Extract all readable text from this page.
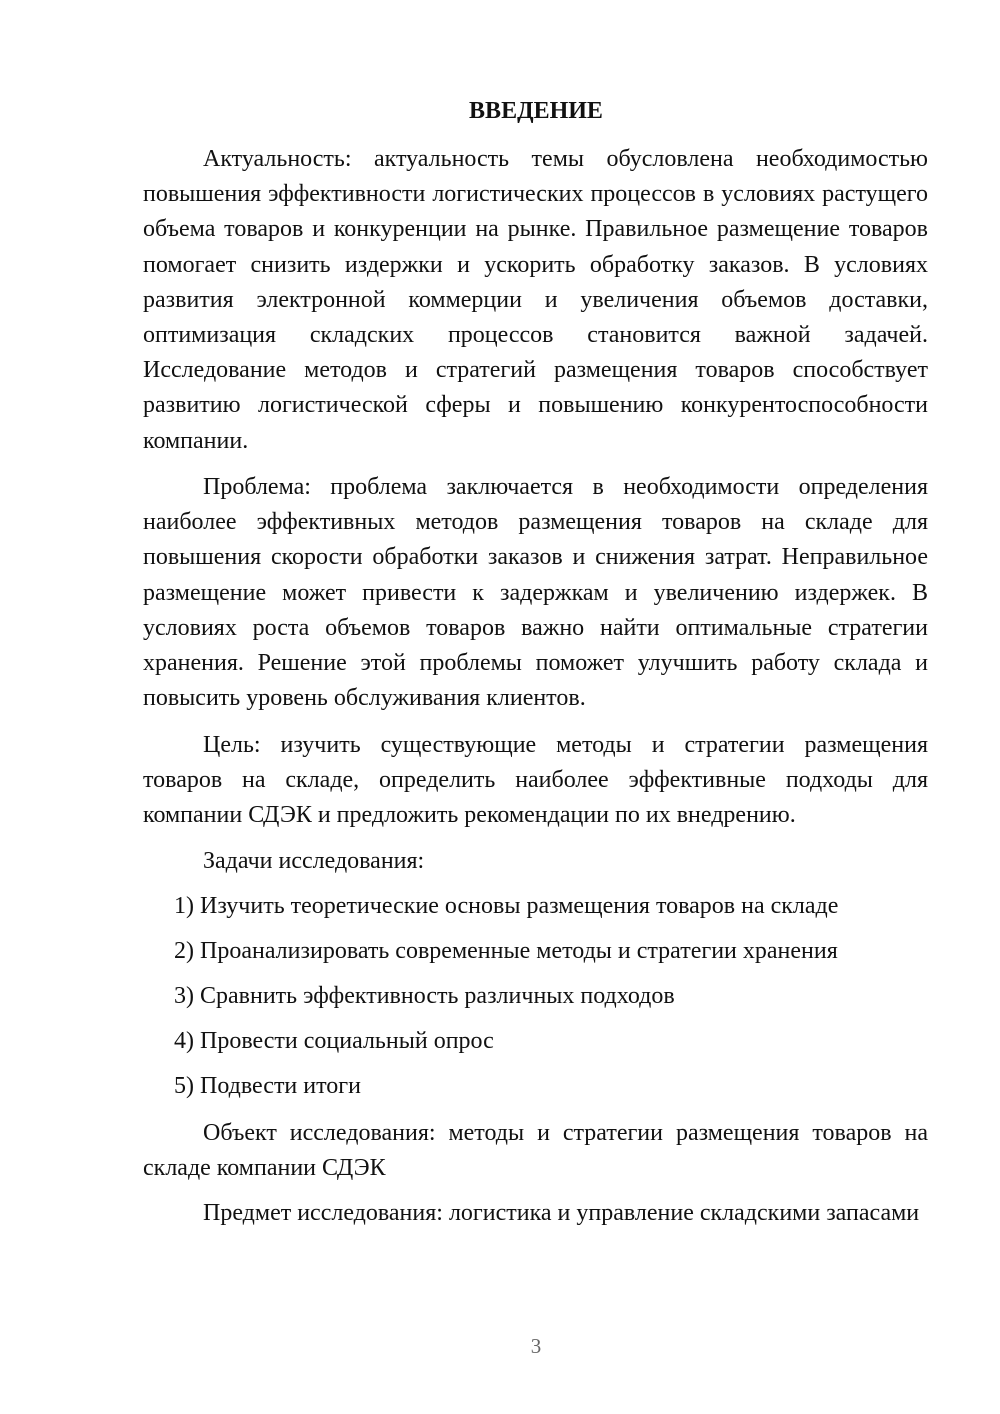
ВВЕДЕНИЕ

Актуальность: актуальность темы обусловлена необходимостью повышения эффективности логистических процессов в условиях растущего объема товаров и конкуренции на рынке. Правильное размещение товаров помогает снизить издержки и ускорить обработку заказов. В условиях развития электронной коммерции и увеличения объемов доставки, оптимизация складских процессов становится важной задачей. Исследование методов и стратегий размещения товаров способствует развитию логистической сферы и повышению конкурентоспособности компании.

Проблема: проблема заключается в необходимости определения наиболее эффективных методов размещения товаров на складе для повышения скорости обработки заказов и снижения затрат. Неправильное размещение может привести к задержкам и увеличению издержек. В условиях роста объемов товаров важно найти оптимальные стратегии хранения. Решение этой проблемы поможет улучшить работу склада и повысить уровень обслуживания клиентов.

Цель: изучить существующие методы и стратегии размещения товаров на складе, определить наиболее эффективные подходы для компании СДЭК и предложить рекомендации по их внедрению.

Задачи исследования:
1) Изучить теоретические основы размещения товаров на складе
2) Проанализировать современные методы и стратегии хранения
3) Сравнить эффективность различных подходов
4) Провести социальный опрос
5) Подвести итоги

Объект исследования: методы и стратегии размещения товаров на складе компании СДЭК

Предмет исследования: логистика и управление складскими запасами

3
